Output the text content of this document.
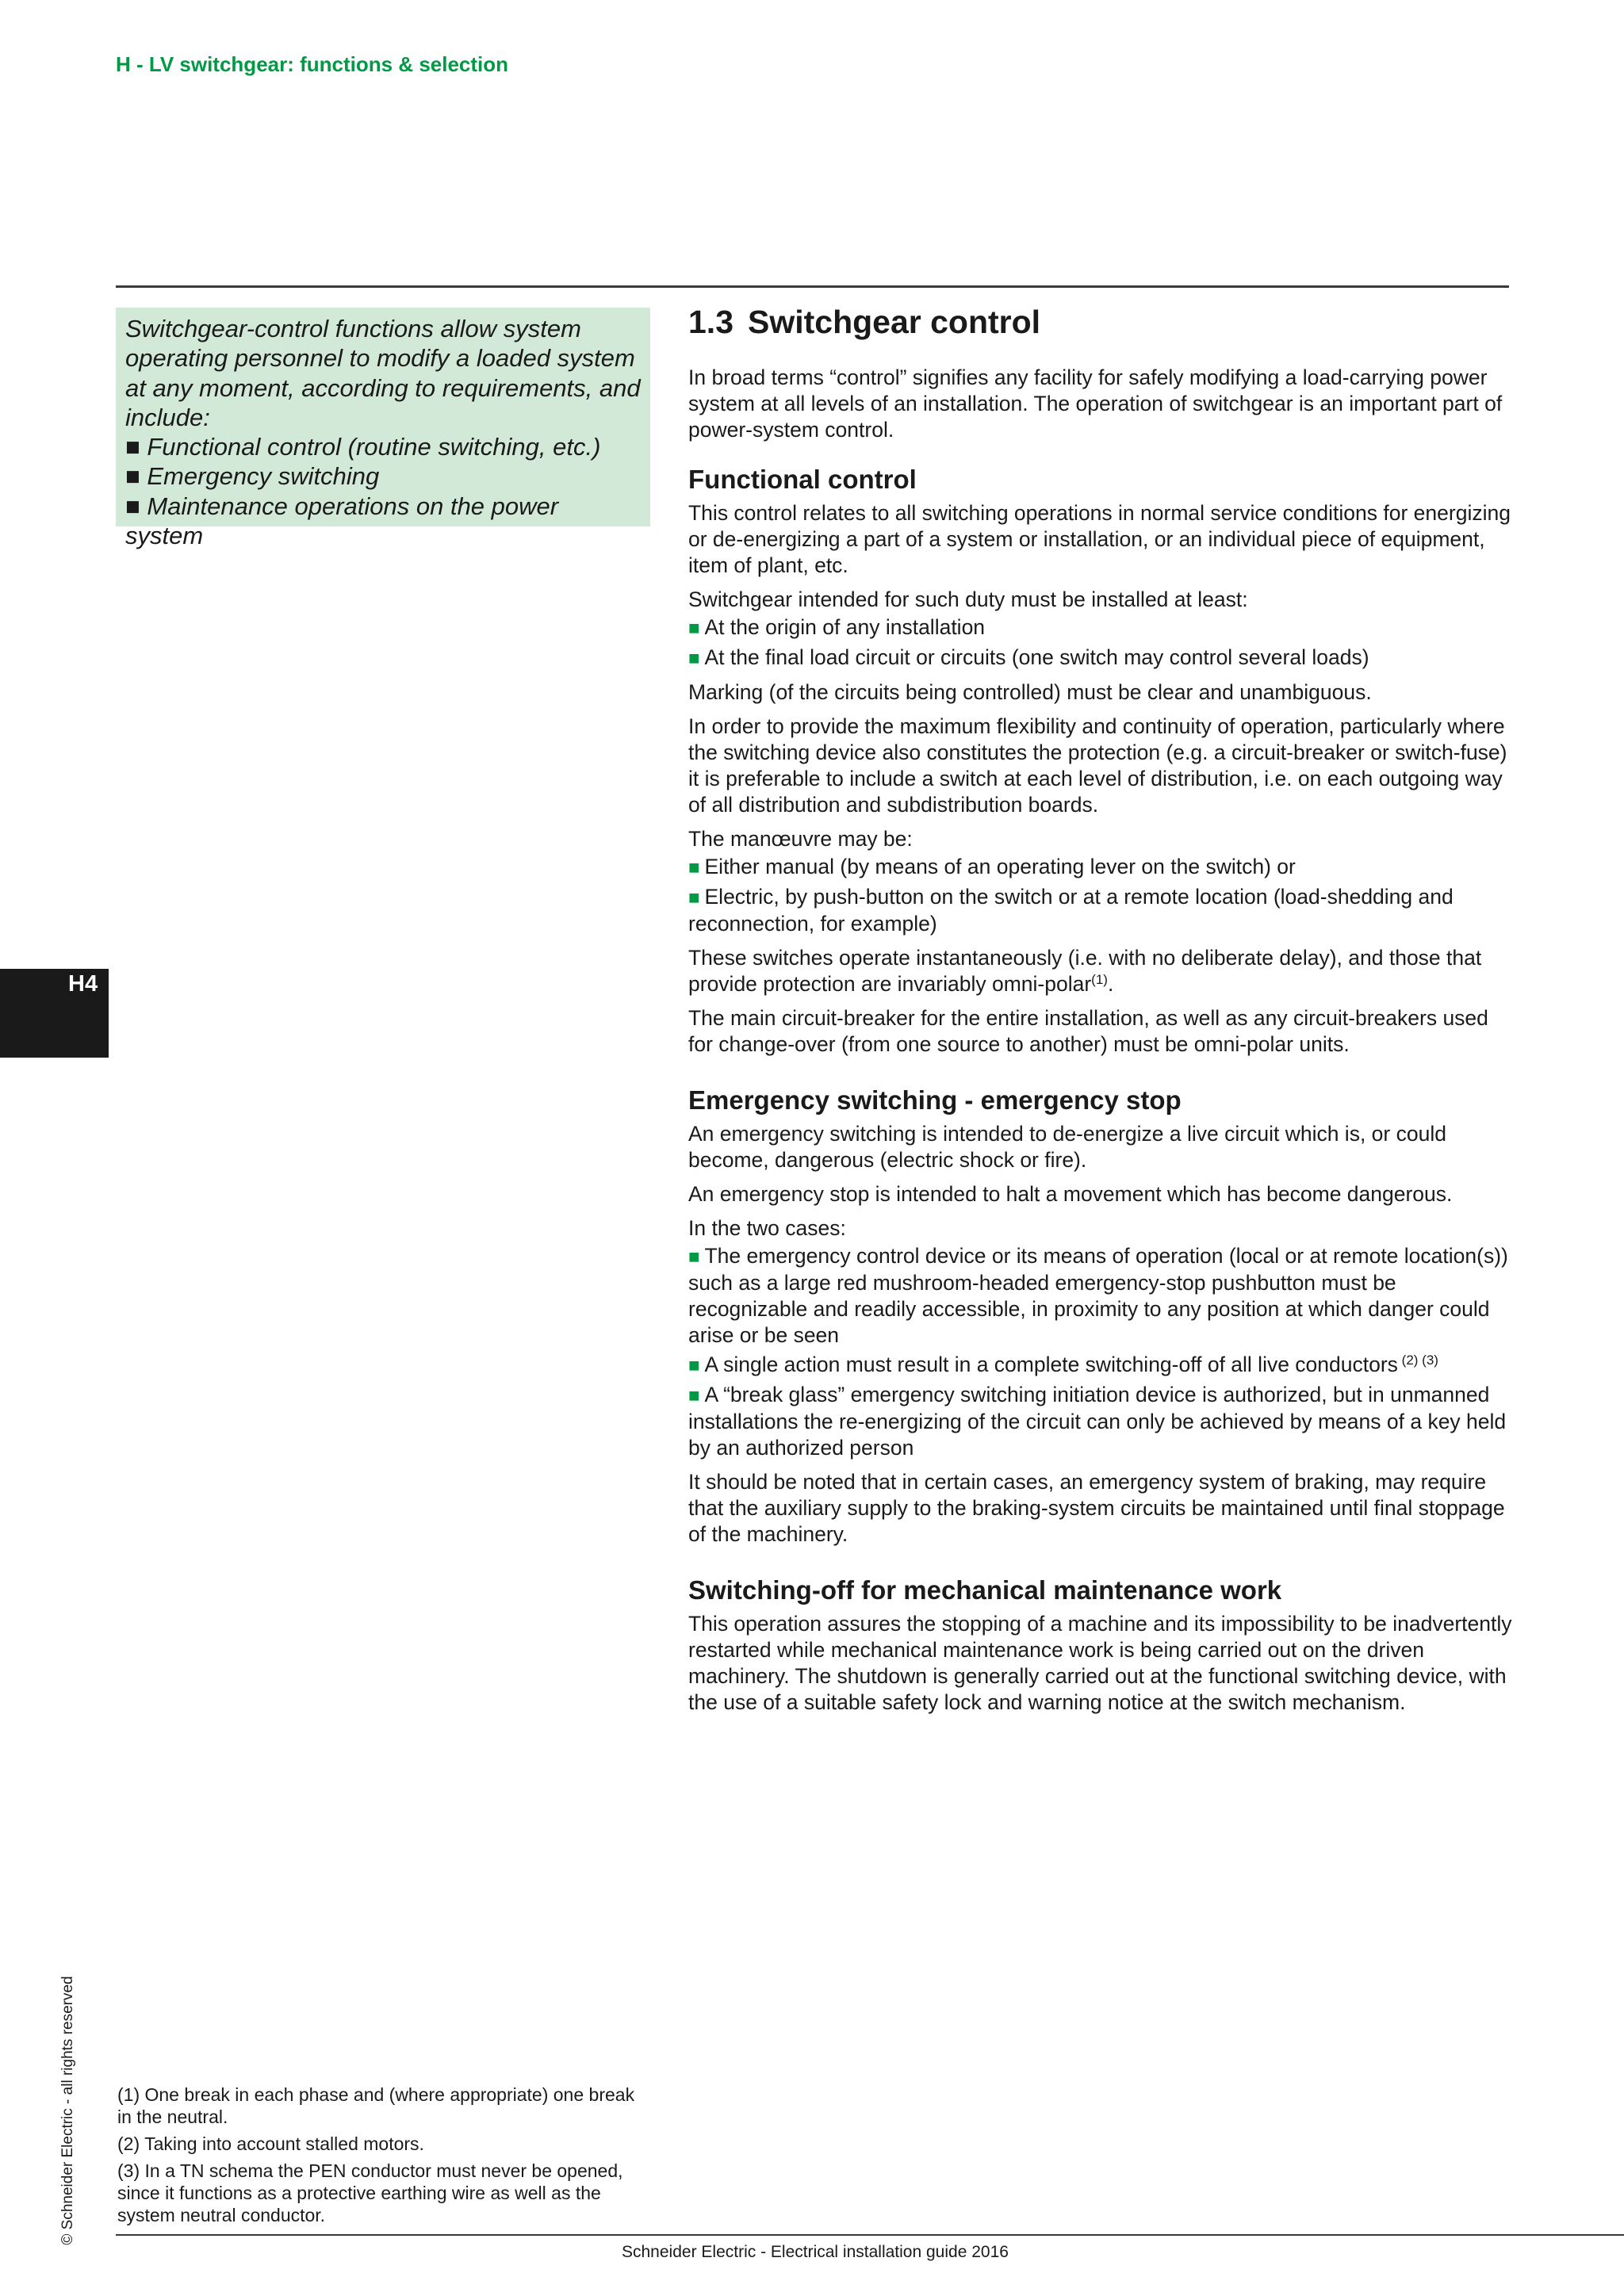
H - LV switchgear: functions & selection

Switchgear-control functions allow system operating personnel to modify a loaded system at any moment, according to requirements, and include:

■ Functional control (routine switching, etc.)
■ Emergency switching
■ Maintenance operations on the power system
H4
© Schneider Electric - all rights reserved
1.3 Switchgear control

In broad terms “control” signifies any facility for safely modifying a load-carrying power system at all levels of an installation. The operation of switchgear is an important part of power-system control.

Functional control

This control relates to all switching operations in normal service conditions for energizing or de-energizing a part of a system or installation, or an individual piece of equipment, item of plant, etc.

Switchgear intended for such duty must be installed at least:

■ At the origin of any installation
■ At the final load circuit or circuits (one switch may control several loads)

Marking (of the circuits being controlled) must be clear and unambiguous.

In order to provide the maximum flexibility and continuity of operation, particularly where the switching device also constitutes the protection (e.g. a circuit-breaker or switch-fuse) it is preferable to include a switch at each level of distribution, i.e. on each outgoing way of all distribution and subdistribution boards.

The manœuvre may be:

■ Either manual (by means of an operating lever on the switch) or
■ Electric, by push-button on the switch or at a remote location (load-shedding and reconnection, for example)

These switches operate instantaneously (i.e. with no deliberate delay), and those that provide protection are invariably omni-polar$^{(1)}$.

The main circuit-breaker for the entire installation, as well as any circuit-breakers used for change-over (from one source to another) must be omni-polar units.

Emergency switching - emergency stop

An emergency switching is intended to de-energize a live circuit which is, or could become, dangerous (electric shock or fire).

An emergency stop is intended to halt a movement which has become dangerous.

In the two cases:

■ The emergency control device or its means of operation (local or at remote location(s)) such as a large red mushroom-headed emergency-stop pushbutton must be recognizable and readily accessible, in proximity to any position at which danger could arise or be seen
■ A single action must result in a complete switching-off of all live conductors $^{(2) (3)}$
■ A “break glass” emergency switching initiation device is authorized, but in unmanned installations the re-energizing of the circuit can only be achieved by means of a key held by an authorized person

It should be noted that in certain cases, an emergency system of braking, may require that the auxiliary supply to the braking-system circuits be maintained until final stoppage of the machinery.

Switching-off for mechanical maintenance work

This operation assures the stopping of a machine and its impossibility to be inadvertently restarted while mechanical maintenance work is being carried out on the driven machinery. The shutdown is generally carried out at the functional switching device, with the use of a suitable safety lock and warning notice at the switch mechanism.

(1) One break in each phase and (where appropriate) one break in the neutral.

(2) Taking into account stalled motors.

(3) In a TN schema the PEN conductor must never be opened, since it functions as a protective earthing wire as well as the system neutral conductor.

Schneider Electric - Electrical installation guide 2016
